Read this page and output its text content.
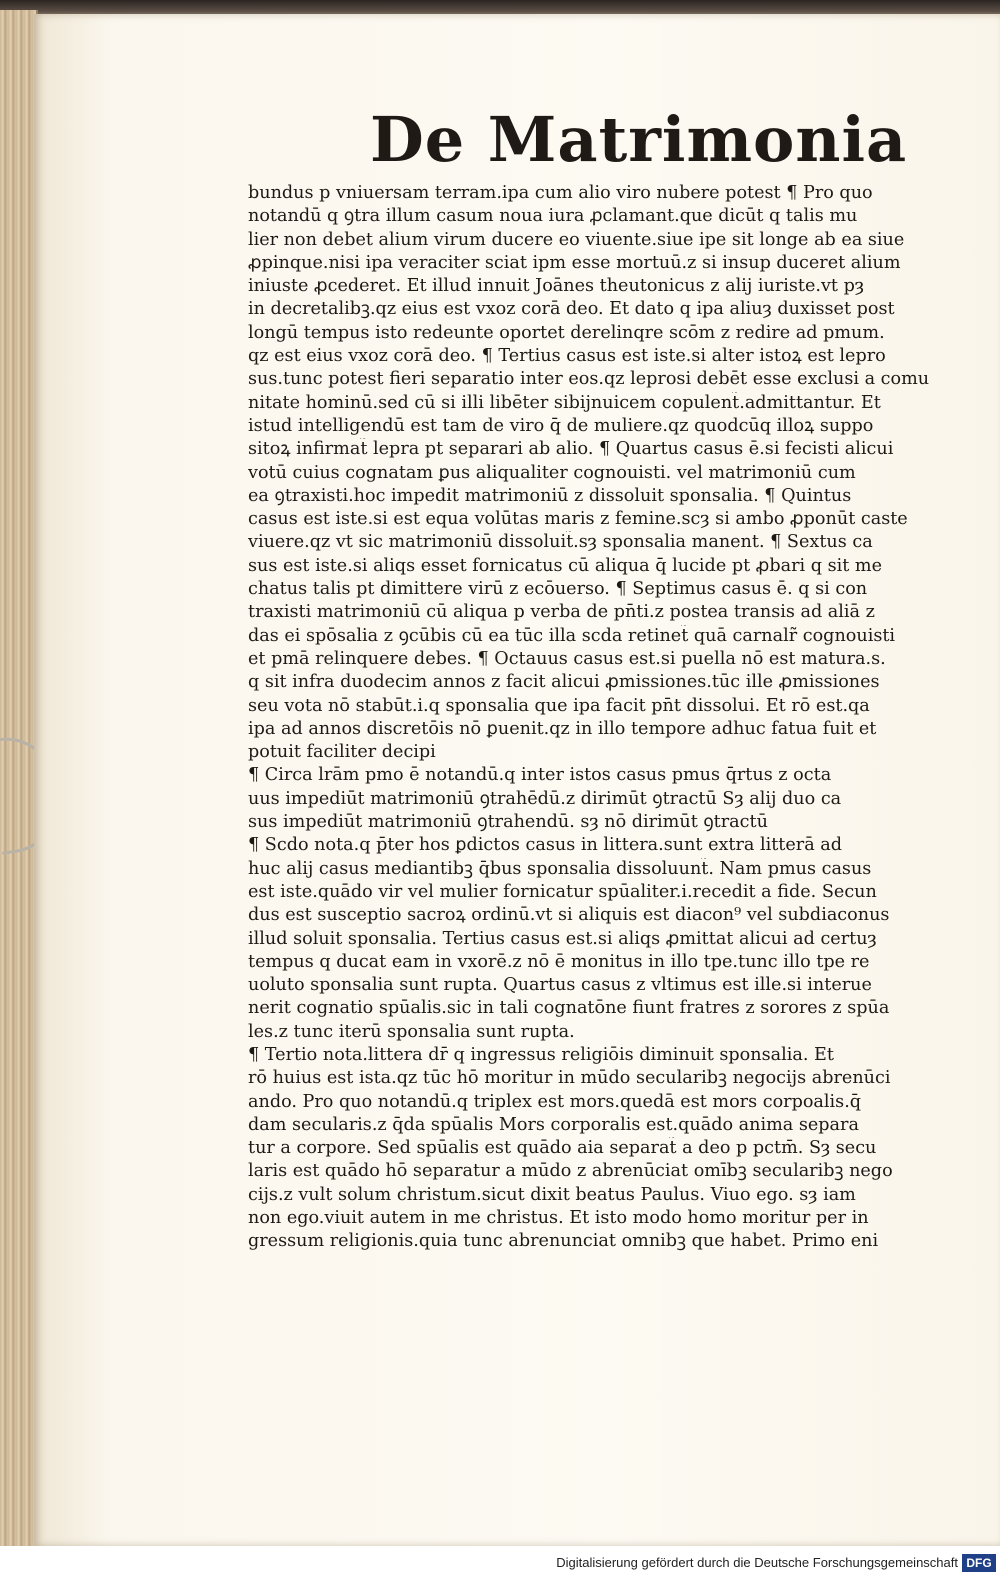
De Matrimonia
bundus p vniuersam terram.ipa cum alio viro nubere potest ¶ Pro quo
notandū q ꝯtra illum casum noua iura ꝓclamant.que dicūt q talis mu
lier non debet alium virum ducere eo viuente.siue ipe sit longe ab ea siue
ꝓpinque.nisi ipa veraciter sciat ipm esse mortuū.z si insup duceret alium
iniuste ꝓcederet. Et illud innuit Joānes theutonicus z alij iuriste.vt pȝ
in decretalibꝫ.qz eius est vxoz corā deo. Et dato q ipa aliuȝ duxisset post
longū tempus isto redeunte oportet derelinqre scōm z redire ad pmum.
qz est eius vxoz corā deo. ¶ Tertius casus est iste.si alter istoꝝ est lepro
sus.tunc potest fieri separatio inter eos.qz leprosi debēt esse exclusi a comu
nitate hominū.sed cū si illi libēter sibijnuicem copulent̃.admittantur. Et
istud intelligendū est tam de viro q̄ de muliere.qz quodcūq illoꝝ suppo
sitoꝝ infirmat̃ lepra pt separari ab alio. ¶ Quartus casus ē.si fecisti alicui
votū cuius cognatam ꝑus aliqualiter cognouisti. vel matrimoniū cum
ea ꝯtraxisti.hoc impedit matrimoniū z dissoluit sponsalia. ¶ Quintus
casus est iste.si est equa volūtas maris z femine.scȝ si ambo ꝓponūt caste
viuere.qz vt sic matrimoniū dissoluit̃.sȝ sponsalia manent. ¶ Sextus ca
sus est iste.si aliqs esset fornicatus cū aliqua q̄ lucide pt ꝓbari q sit me
chatus talis pt dimittere virū z ecōuerso. ¶ Septimus casus ē. q si con
traxisti matrimoniū cū aliqua p verba de pn̄ti.z postea transis ad aliā z
das ei spōsalia z ꝯcūbis cū ea tūc illa scd̄a retinet̃ quā carnalr̃ cognouisti
et pmā relinquere debes. ¶ Octauus casus est.si puella nō est matura.s.
q sit infra duodecim annos z facit alicui ꝓmissiones.tūc ille ꝓmissiones
seu vota nō stabūt.i.q sponsalia que ipa facit pn̄t dissolui. Et rō est.qa
ipa ad annos discretōis nō ꝑuenit.qz in illo tempore adhuc fatua fuit et
potuit faciliter decipi
¶ Circa lrām pmo ē notandū.q inter istos casus pmus q̄rtus z octa
uus impediūt matrimoniū ꝯtrahēdū.z dirimūt ꝯtractū Sȝ alij duo ca
sus impediūt matrimoniū ꝯtrahendū. sȝ nō dirimūt ꝯtractū
¶ Scd̄o nota.q p̄ter hos ꝑdictos casus in littera.sunt extra litterā ad
huc alij casus mediantibꝫ q̄bus sponsalia dissoluunt̃. Nam pmus casus
est iste.quādo vir vel mulier fornicatur spūaliter.i.recedit a fide. Secun
dus est susceptio sacroꝝ ordinū.vt si aliquis est diacon⁹ vel subdiaconus
illud soluit sponsalia. Tertius casus est.si aliqs ꝓmittat alicui ad certuȝ
tempus q ducat eam in vxorē.z nō ē monitus in illo tpe.tunc illo tpe re
uoluto sponsalia sunt rupta. Quartus casus z vltimus est ille.si interue
nerit cognatio spūalis.sic in tali cognatōne fiunt fratres z sorores z spūa
les.z tunc iterū sponsalia sunt rupta.
¶ Tertio nota.littera dr̄ q ingressus religiōis diminuit sponsalia. Et
rō huius est ista.qz tūc hō moritur in mūdo secularibꝫ negocijs abrenūci
ando. Pro quo notandū.q triplex est mors.quedā est mors corpoalis.q̄
dam secularis.z q̄da spūalis Mors corporalis est.quādo anima separa
tur a corpore. Sed spūalis est quādo aia separat̃ a deo p pctm̄. Sȝ secu
laris est quādo hō separatur a mūdo z abrenūciat omībꝫ secularibꝫ nego
cijs.z vult solum christum.sicut dixit beatus Paulus. Viuo ego. sȝ iam
non ego.viuit autem in me christus. Et isto modo homo moritur per in
gressum religionis.quia tunc abrenunciat omnibꝫ que habet. Primo eni
Digitalisierung gefördert durch die Deutsche Forschungsgemeinschaft DFG
